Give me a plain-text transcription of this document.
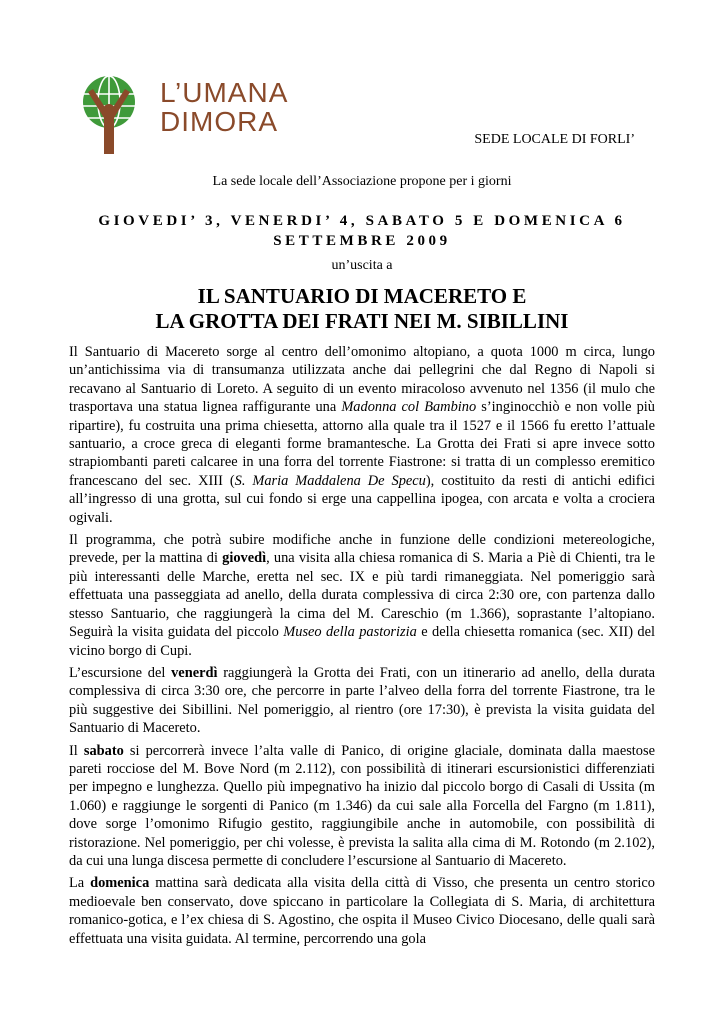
L’UMANA
DIMORA
SEDE LOCALE DI FORLI’
La sede locale dell’Associazione propone per i giorni
GIOVEDI’ 3, VENERDI’ 4, SABATO 5 E DOMENICA 6
SETTEMBRE 2009
un’uscita a
IL SANTUARIO DI MACERETO E
LA GROTTA DEI FRATI NEI M. SIBILLINI

Il Santuario di Macereto sorge al centro dell’omonimo altopiano, a quota 1000 m circa, lungo un’antichissima via di transumanza utilizzata anche dai pellegrini che dal Regno di Napoli si recavano al Santuario di Loreto. A seguito di un evento miracoloso avvenuto nel 1356 (il mulo che trasportava una statua lignea raffigurante una Madonna col Bambino s’inginocchiò e non volle più ripartire), fu costruita una prima chiesetta, attorno alla quale tra il 1527 e il 1566 fu eretto l’attuale santuario, a croce greca di eleganti forme bramantesche. La Grotta dei Frati si apre invece sotto strapiombanti pareti calcaree in una forra del torrente Fiastrone: si tratta di un complesso eremitico francescano del sec. XIII (S. Maria Maddalena De Specu), costituito da resti di antichi edifici all’ingresso di una grotta, sul cui fondo si erge una cappellina ipogea, con arcata e volta a crociera ogivali.

Il programma, che potrà subire modifiche anche in funzione delle condizioni metereologiche, prevede, per la mattina di giovedì, una visita alla chiesa romanica di S. Maria a Piè di Chienti, tra le più interessanti delle Marche, eretta nel sec. IX e più tardi rimaneggiata. Nel pomeriggio sarà effettuata una passeggiata ad anello, della durata complessiva di circa 2:30 ore, con partenza dallo stesso Santuario, che raggiungerà la cima del M. Careschio (m 1.366), soprastante l’altopiano. Seguirà la visita guidata del piccolo Museo della pastorizia e della chiesetta romanica (sec. XII) del vicino borgo di Cupi.

L’escursione del venerdì raggiungerà la Grotta dei Frati, con un itinerario ad anello, della durata complessiva di circa 3:30 ore, che percorre in parte l’alveo della forra del torrente Fiastrone, tra le più suggestive dei Sibillini. Nel pomeriggio, al rientro (ore 17:30), è prevista la visita guidata del Santuario di Macereto.

Il sabato si percorrerà invece l’alta valle di Panico, di origine glaciale, dominata dalla maestose pareti rocciose del M. Bove Nord (m 2.112), con possibilità di itinerari escursionistici differenziati per impegno e lunghezza. Quello più impegnativo ha inizio dal piccolo borgo di Casali di Ussita (m 1.060) e raggiunge le sorgenti di Panico (m 1.346) da cui sale alla Forcella del Fargno (m 1.811), dove sorge l’omonimo Rifugio gestito, raggiungibile anche in automobile, con possibilità di ristorazione. Nel pomeriggio, per chi volesse, è prevista la salita alla cima di M. Rotondo (m 2.102), da cui una lunga discesa permette di concludere l’escursione al Santuario di Macereto.

La domenica mattina sarà dedicata alla visita della città di Visso, che presenta un centro storico medioevale ben conservato, dove spiccano in particolare la Collegiata di S. Maria, di architettura romanico-gotica, e l’ex chiesa di S. Agostino, che ospita il Museo Civico Diocesano, delle quali sarà effettuata una visita guidata. Al termine, percorrendo una gola
